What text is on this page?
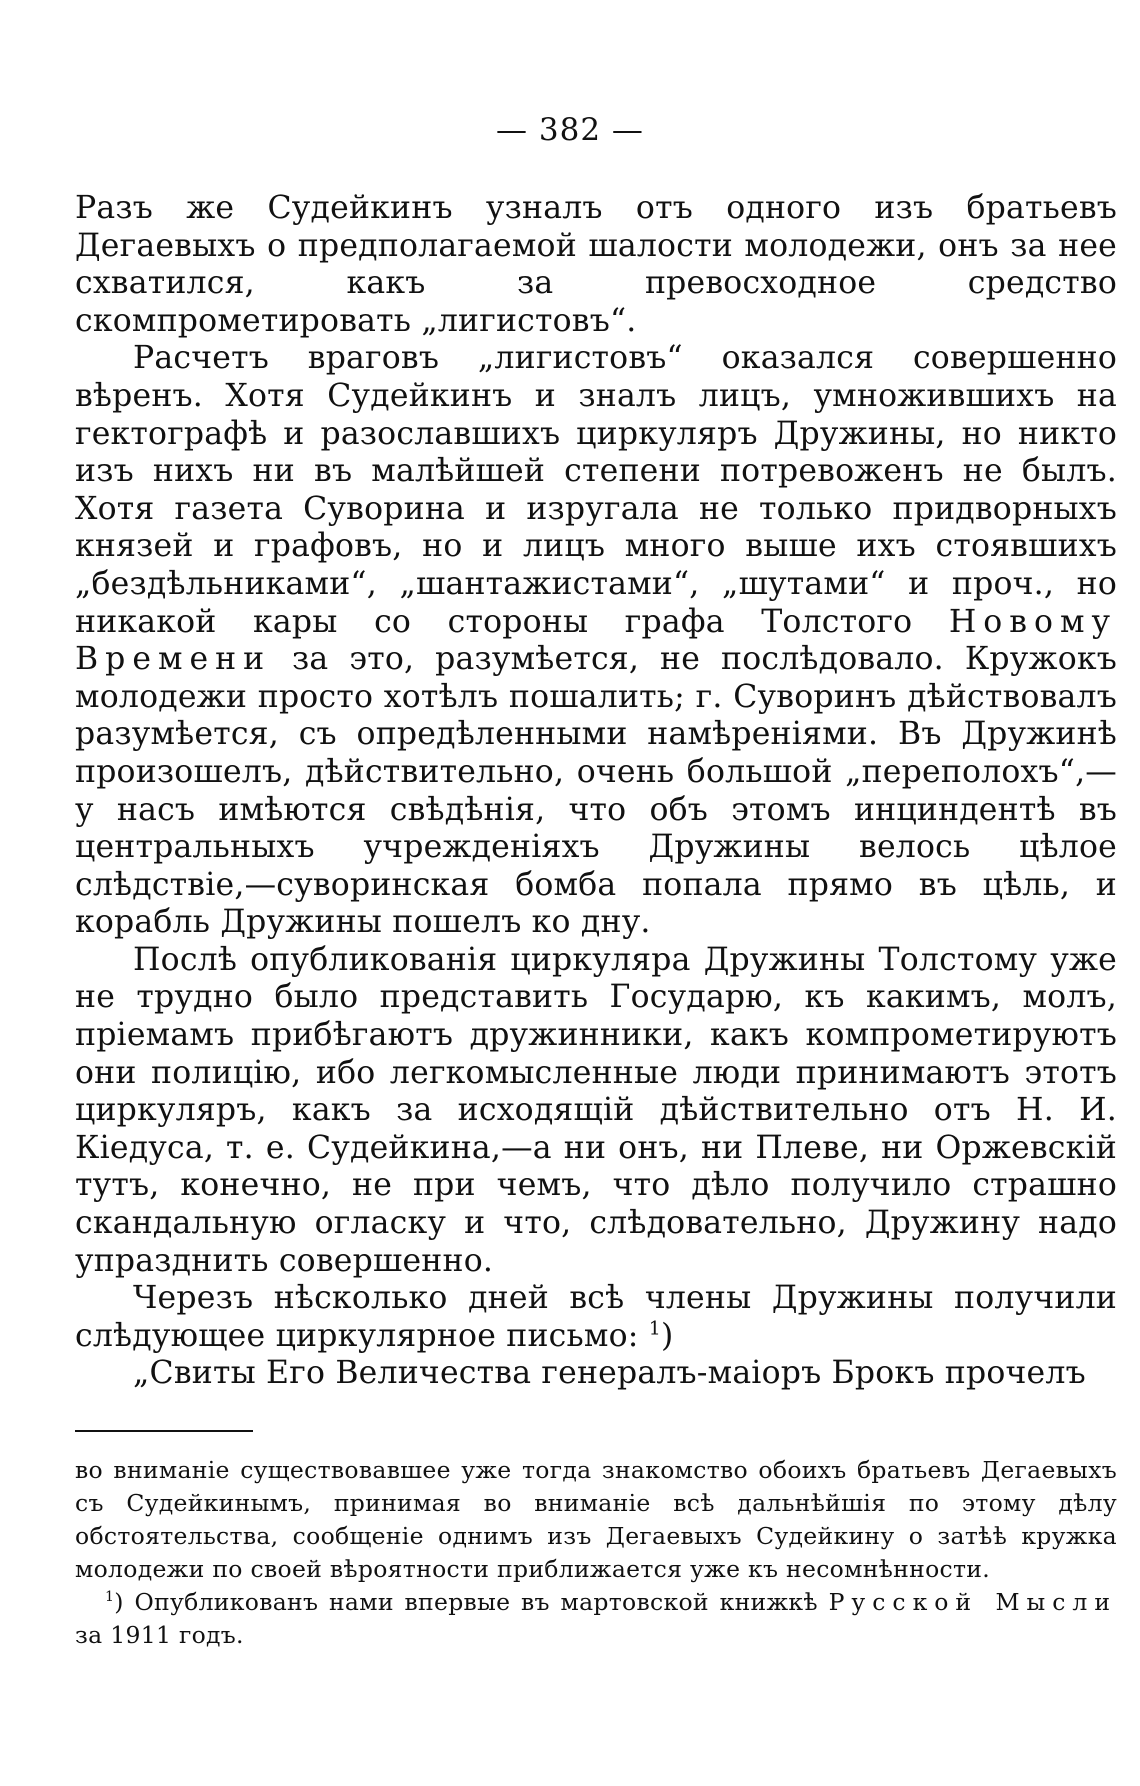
— 382 —

Разъ же Судейкинъ узналъ отъ одного изъ братьевъ Дегаевыхъ о предполагаемой шалости молодежи, онъ за нее схватился, какъ за превосходное средство скомпрометировать „лигистовъ“.

Расчетъ враговъ „лигистовъ“ оказался совершенно вѣренъ. Хотя Судейкинъ и зналъ лицъ, умножившихъ на гектографѣ и разославшихъ циркуляръ Дружины, но никто изъ нихъ ни въ малѣйшей степени потревоженъ не былъ. Хотя газета Суворина и изругала не только придворныхъ князей и графовъ, но и лицъ много выше ихъ стоявшихъ „бездѣльниками“, „шантажистами“, „шутами“ и проч., но никакой кары со стороны графа Толстого Новому Времени за это, разумѣется, не послѣдовало. Кружокъ молодежи просто хотѣлъ пошалить; г. Суворинъ дѣйствовалъ разумѣется, съ опредѣленными намѣреніями. Въ Дружинѣ произошелъ, дѣйствительно, очень большой „переполохъ“,—у насъ имѣются свѣдѣнія, что объ этомъ инциндентѣ въ центральныхъ учрежденіяхъ Дружины велось цѣлое слѣдствіе,—суворинская бомба попала прямо въ цѣль, и корабль Дружины пошелъ ко дну.

Послѣ опубликованія циркуляра Дружины Толстому уже не трудно было представить Государю, къ какимъ, молъ, пріемамъ прибѣгаютъ дружинники, какъ компрометируютъ они полицію, ибо легкомысленные люди принимаютъ этотъ циркуляръ, какъ за исходящій дѣйствительно отъ Н. И. Кіедуса, т. е. Судейкина,—а ни онъ, ни Плеве, ни Оржевскій тутъ, конечно, не при чемъ, что дѣло получило страшно скандальную огласку и что, слѣдовательно, Дружину надо упразднить совершенно.

Черезъ нѣсколько дней всѣ члены Дружины получили слѣдующее циркулярное письмо: $^1$)

„Свиты Его Величества генералъ-маіоръ Брокъ прочелъ

во вниманіе существовавшее уже тогда знакомство обоихъ братьевъ Дегаевыхъ съ Судейкинымъ, принимая во вниманіе всѣ дальнѣйшія по этому дѣлу обстоятельства, сообщеніе однимъ изъ Дегаевыхъ Судейкину о затѣѣ кружка молодежи по своей вѣроятности приближается уже къ несомнѣнности.

$^1$) Опубликованъ нами впервые въ мартовской книжкѣ Русской Мысли за 1911 годъ.
